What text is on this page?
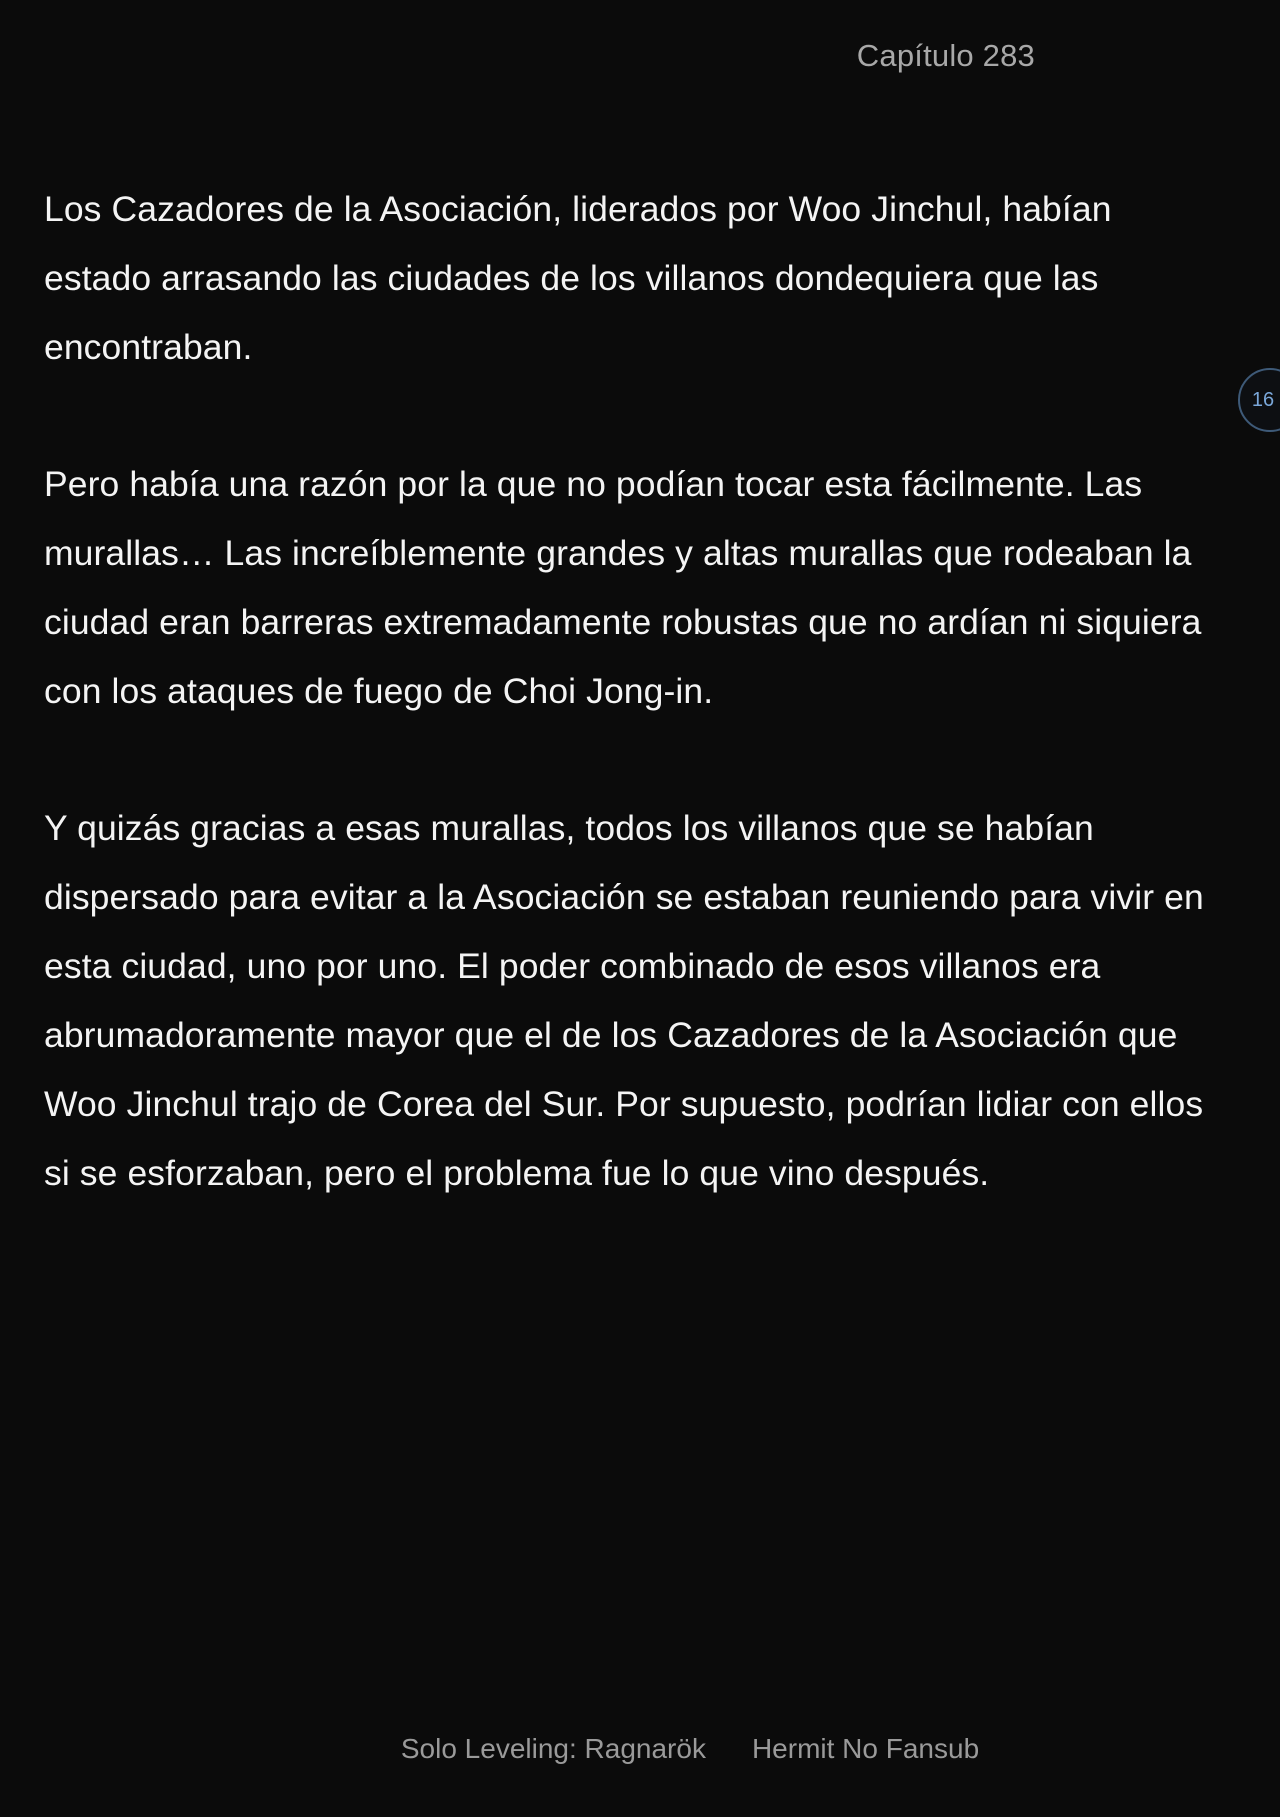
Capítulo 283

Los Cazadores de la Asociación, liderados por Woo Jinchul, habían estado arrasando las ciudades de los villanos dondequiera que las encontraban.

Pero había una razón por la que no podían tocar esta fácilmente. Las murallas… Las increíblemente grandes y altas murallas que rodeaban la ciudad eran barreras extremadamente robustas que no ardían ni siquiera con los ataques de fuego de Choi Jong-in.

Y quizás gracias a esas murallas, todos los villanos que se habían dispersado para evitar a la Asociación se estaban reuniendo para vivir en esta ciudad, uno por uno. El poder combinado de esos villanos era abrumadoramente mayor que el de los Cazadores de la Asociación que Woo Jinchul trajo de Corea del Sur. Por supuesto, podrían lidiar con ellos si se esforzaban, pero el problema fue lo que vino después.

16
Solo Leveling: Ragnarök Hermit No Fansub
